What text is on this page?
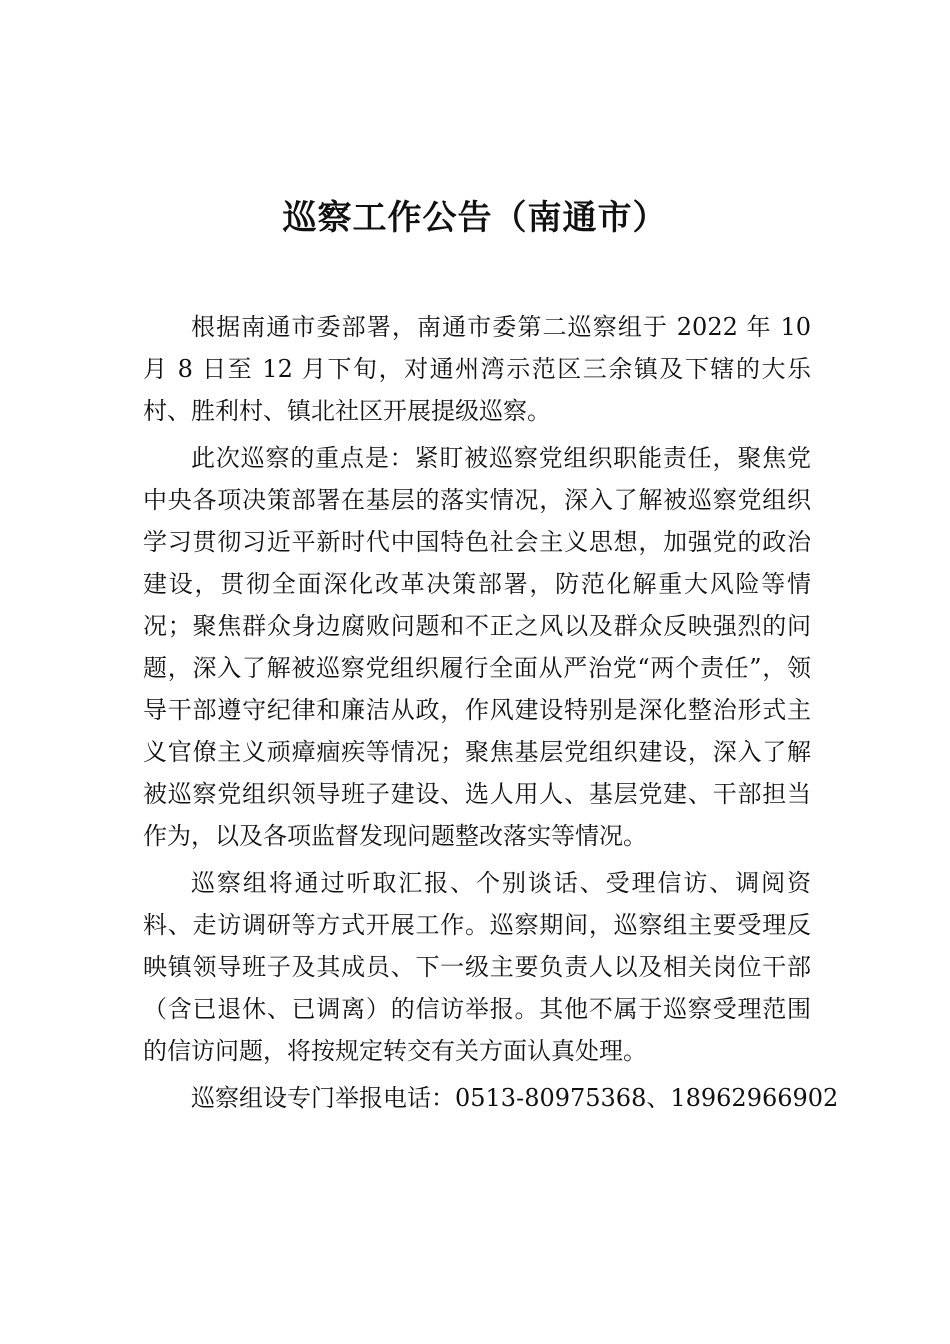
巡察工作公告（南通市）

根据南通市委部署，南通市委第二巡察组于 2022 年 10 月 8 日至 12 月下旬，对通州湾示范区三余镇及下辖的大乐村、胜利村、镇北社区开展提级巡察。

此次巡察的重点是：紧盯被巡察党组织职能责任，聚焦党中央各项决策部署在基层的落实情况，深入了解被巡察党组织学习贯彻习近平新时代中国特色社会主义思想，加强党的政治建设，贯彻全面深化改革决策部署，防范化解重大风险等情况；聚焦群众身边腐败问题和不正之风以及群众反映强烈的问题，深入了解被巡察党组织履行全面从严治党“两个责任”，领导干部遵守纪律和廉洁从政，作风建设特别是深化整治形式主义官僚主义顽瘴痼疾等情况；聚焦基层党组织建设，深入了解被巡察党组织领导班子建设、选人用人、基层党建、干部担当作为，以及各项监督发现问题整改落实等情况。

巡察组将通过听取汇报、个别谈话、受理信访、调阅资料、走访调研等方式开展工作。巡察期间，巡察组主要受理反映镇领导班子及其成员、下一级主要负责人以及相关岗位干部（含已退休、已调离）的信访举报。其他不属于巡察受理范围的信访问题，将按规定转交有关方面认真处理。

巡察组设专门举报电话：0513-80975368、18962966902
